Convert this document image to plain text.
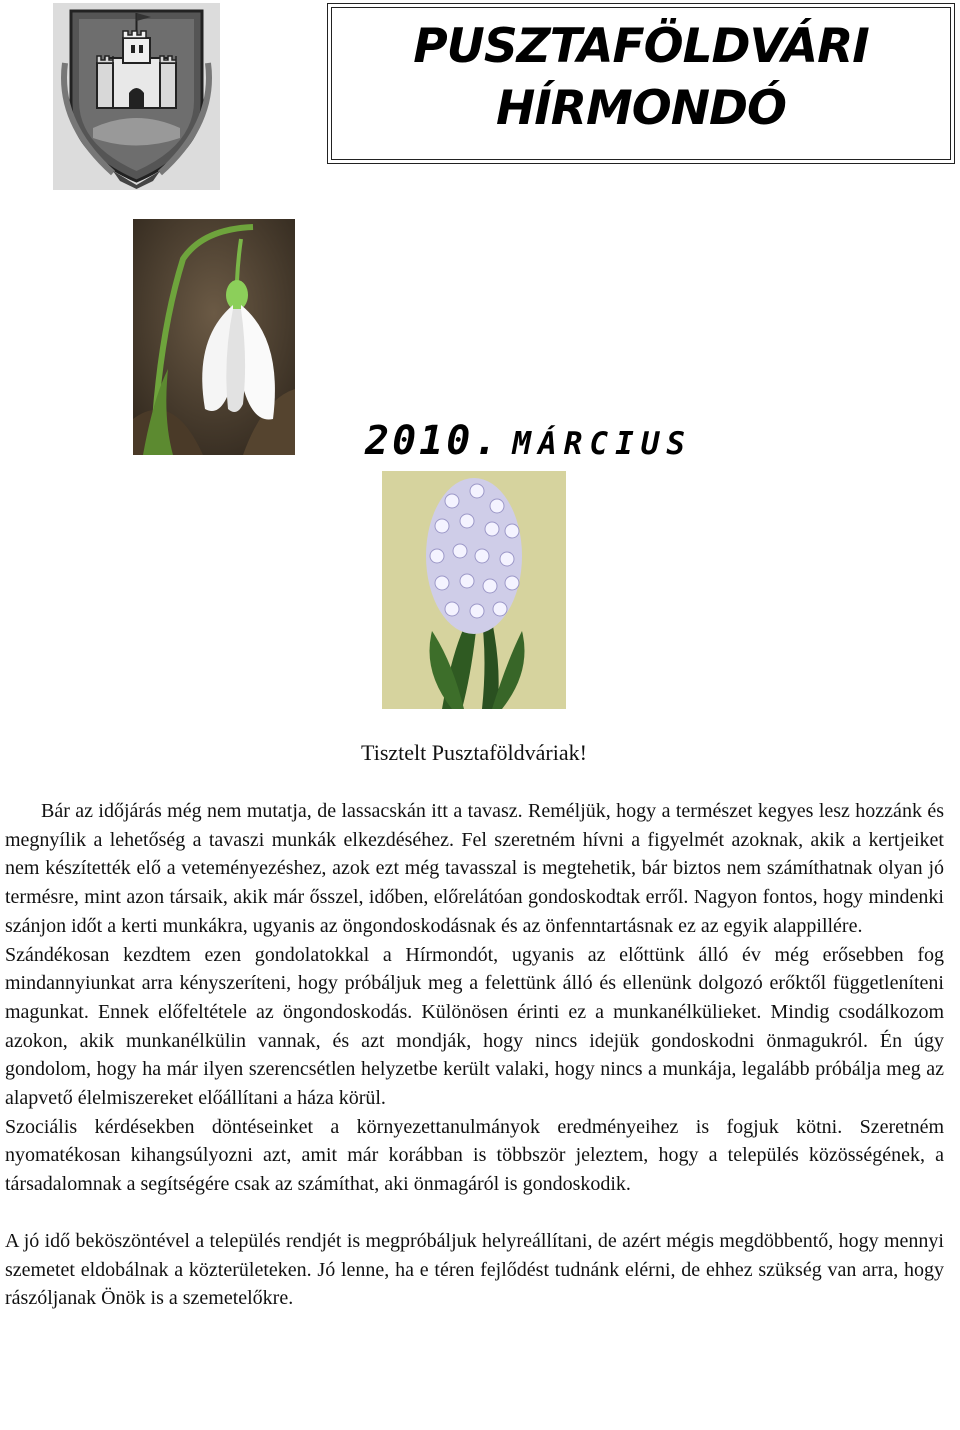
PUSZTAFÖLDVÁRI
HÍRMONDÓ
2010. MÁRCIUS
Tisztelt Pusztaföldváriak!

Bár az időjárás még nem mutatja, de lassacskán itt a tavasz. Reméljük, hogy a természet kegyes lesz hozzánk és megnyílik a lehetőség a tavaszi munkák elkezdéséhez. Fel szeretném hívni a figyelmét azoknak, akik a kertjeiket nem készítették elő a veteményezéshez, azok ezt még tavasszal is megtehetik, bár biztos nem számíthatnak olyan jó termésre, mint azon társaik, akik már ősszel, időben, előrelátóan gondoskodtak erről. Nagyon fontos, hogy mindenki szánjon időt a kerti munkákra, ugyanis az öngondoskodásnak és az önfenntartásnak ez az egyik alappillére.

Szándékosan kezdtem ezen gondolatokkal a Hírmondót, ugyanis az előttünk álló év még erősebben fog mindannyiunkat arra kényszeríteni, hogy próbáljuk meg a felettünk álló és ellenünk dolgozó erőktől függetleníteni magunkat. Ennek előfeltétele az öngondoskodás. Különösen érinti ez a munkanélkülieket. Mindig csodálkozom azokon, akik munkanélkülin vannak, és azt mondják, hogy nincs idejük gondoskodni önmagukról. Én úgy gondolom, hogy ha már ilyen szerencsétlen helyzetbe került valaki, hogy nincs a munkája, legalább próbálja meg az alapvető élelmiszereket előállítani a háza körül.

Szociális kérdésekben döntéseinket a környezettanulmányok eredményeihez is fogjuk kötni. Szeretném nyomatékosan kihangsúlyozni azt, amit már korábban is többször jeleztem, hogy a település közösségének, a társadalomnak a segítségére csak az számíthat, aki önmagáról is gondoskodik.

A jó idő beköszöntével a település rendjét is megpróbáljuk helyreállítani, de azért mégis megdöbbentő, hogy mennyi szemetet eldobálnak a közterületeken. Jó lenne, ha e téren fejlődést tudnánk elérni, de ehhez szükség van arra, hogy rászóljanak Önök is a szemetelőkre.
